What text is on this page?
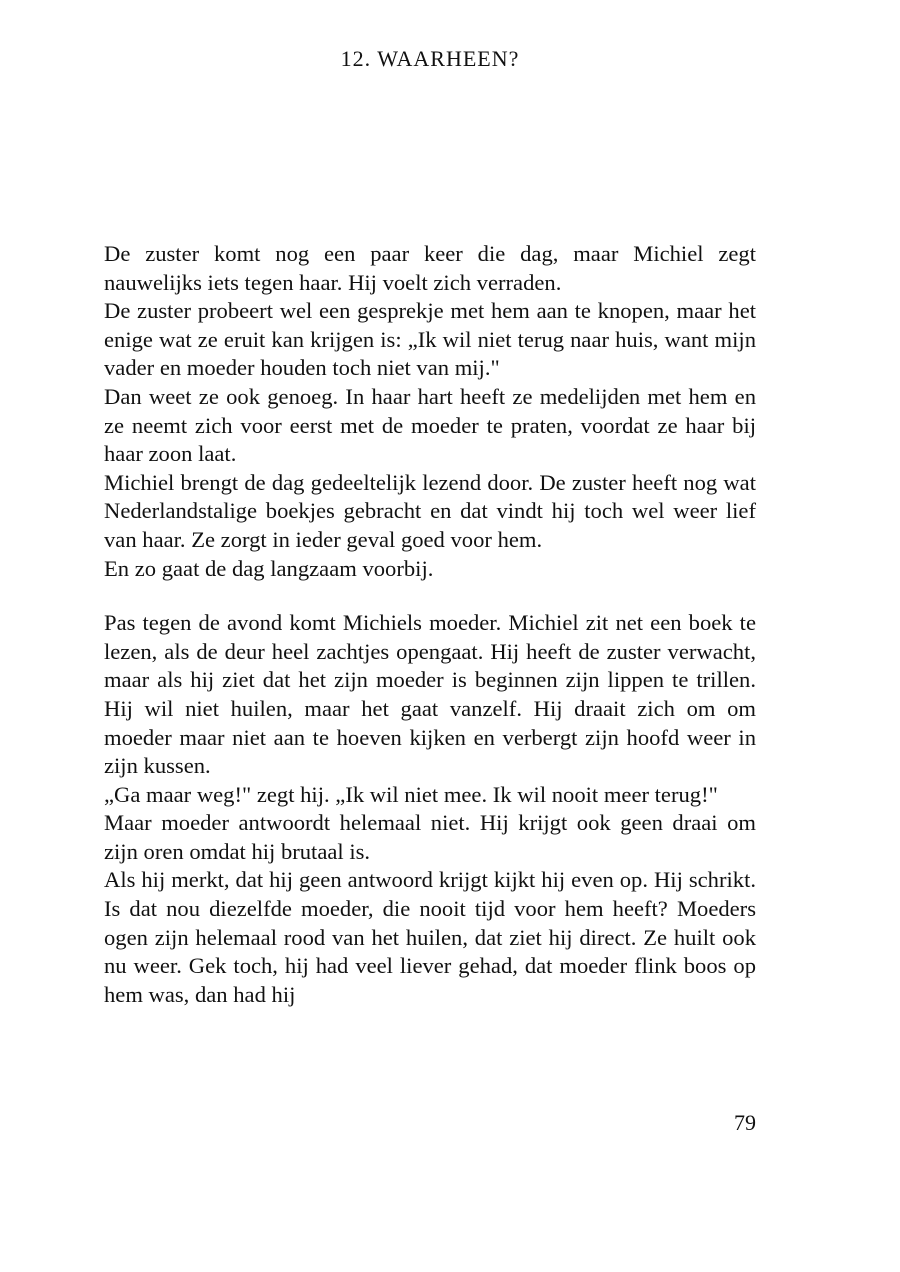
12. WAARHEEN?

De zuster komt nog een paar keer die dag, maar Michiel zegt nauwelijks iets tegen haar. Hij voelt zich verraden.

De zuster probeert wel een gesprekje met hem aan te knopen, maar het enige wat ze eruit kan krijgen is: „Ik wil niet terug naar huis, want mijn vader en moeder houden toch niet van mij."

Dan weet ze ook genoeg. In haar hart heeft ze medelijden met hem en ze neemt zich voor eerst met de moeder te praten, voordat ze haar bij haar zoon laat.

Michiel brengt de dag gedeeltelijk lezend door. De zuster heeft nog wat Nederlandstalige boekjes gebracht en dat vindt hij toch wel weer lief van haar. Ze zorgt in ieder geval goed voor hem.

En zo gaat de dag langzaam voorbij.

Pas tegen de avond komt Michiels moeder. Michiel zit net een boek te lezen, als de deur heel zachtjes opengaat. Hij heeft de zuster verwacht, maar als hij ziet dat het zijn moeder is beginnen zijn lippen te trillen. Hij wil niet huilen, maar het gaat vanzelf. Hij draait zich om om moeder maar niet aan te hoeven kijken en verbergt zijn hoofd weer in zijn kussen.

„Ga maar weg!" zegt hij. „Ik wil niet mee. Ik wil nooit meer terug!"

Maar moeder antwoordt helemaal niet. Hij krijgt ook geen draai om zijn oren omdat hij brutaal is.

Als hij merkt, dat hij geen antwoord krijgt kijkt hij even op. Hij schrikt. Is dat nou diezelfde moeder, die nooit tijd voor hem heeft? Moeders ogen zijn helemaal rood van het huilen, dat ziet hij direct. Ze huilt ook nu weer. Gek toch, hij had veel liever gehad, dat moeder flink boos op hem was, dan had hij

79
